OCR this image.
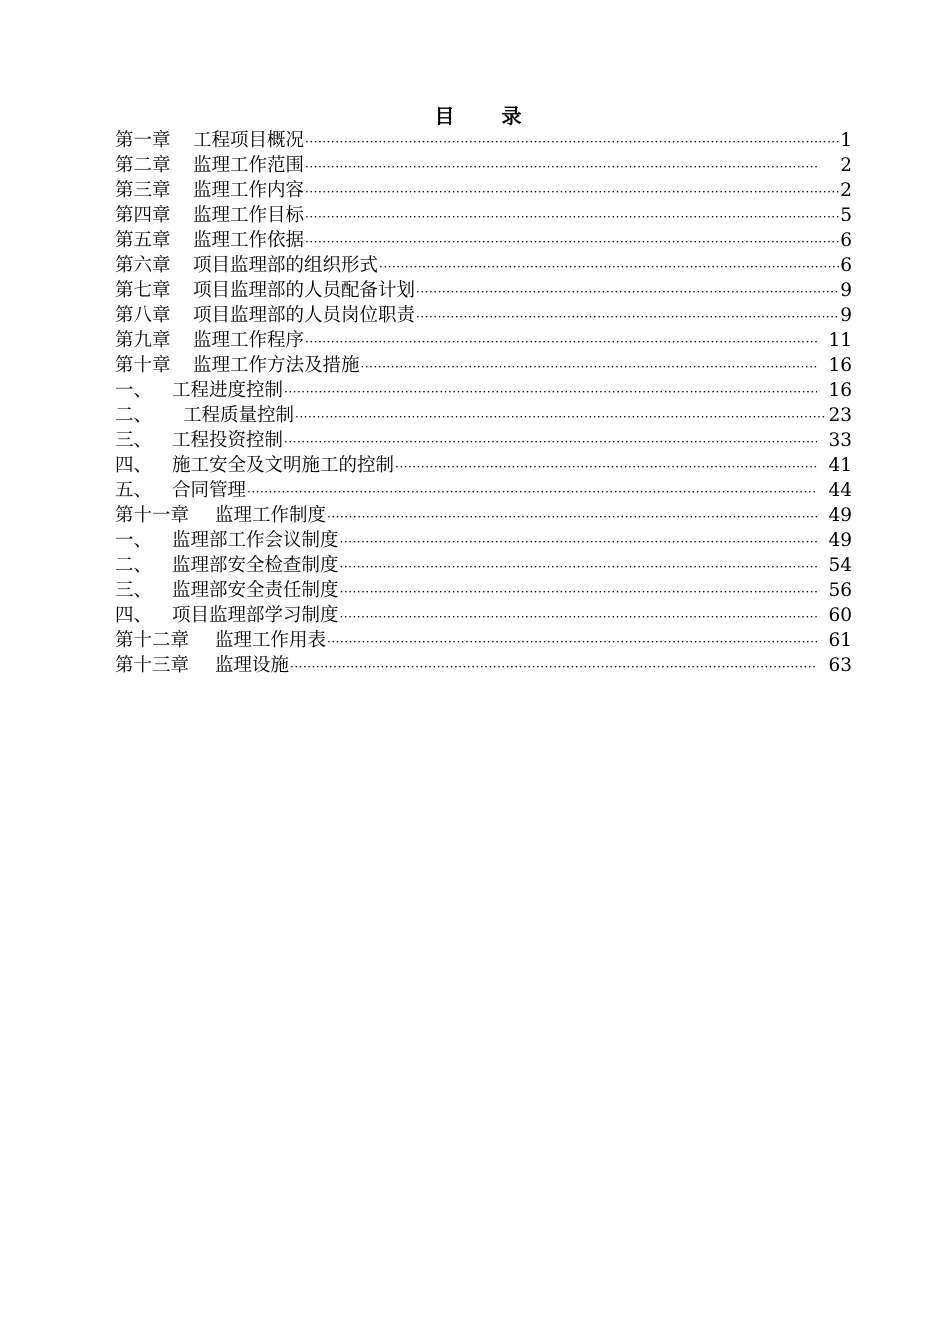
目 录
第一章	工程项目概况 ·····	1
第二章	监理工作范围 ·····	2
第三章	监理工作内容 ·····	2
第四章	监理工作目标 ·····	5
第五章	监理工作依据 ·····	6
第六章	项目监理部的组织形式 ·····	6
第七章	项目监理部的人员配备计划 ·····	9
第八章	项目监理部的人员岗位职责 ·····	9
第九章	监理工作程序 ·····	11
第十章	监理工作方法及措施 ·····	16
一、	工程进度控制 ·····	16
二、	工程质量控制 ·····	23
三、	工程投资控制 ·····	33
四、	施工安全及文明施工的控制 ·····	41
五、	合同管理 ·····	44
第十一章	监理工作制度 ·····	49
一、	监理部工作会议制度 ·····	49
二、	监理部安全检查制度 ·····	54
三、	监理部安全责任制度 ·····	56
四、	项目监理部学习制度 ·····	60
第十二章	监理工作用表 ·····	61
第十三章	监理设施 ·····	63
